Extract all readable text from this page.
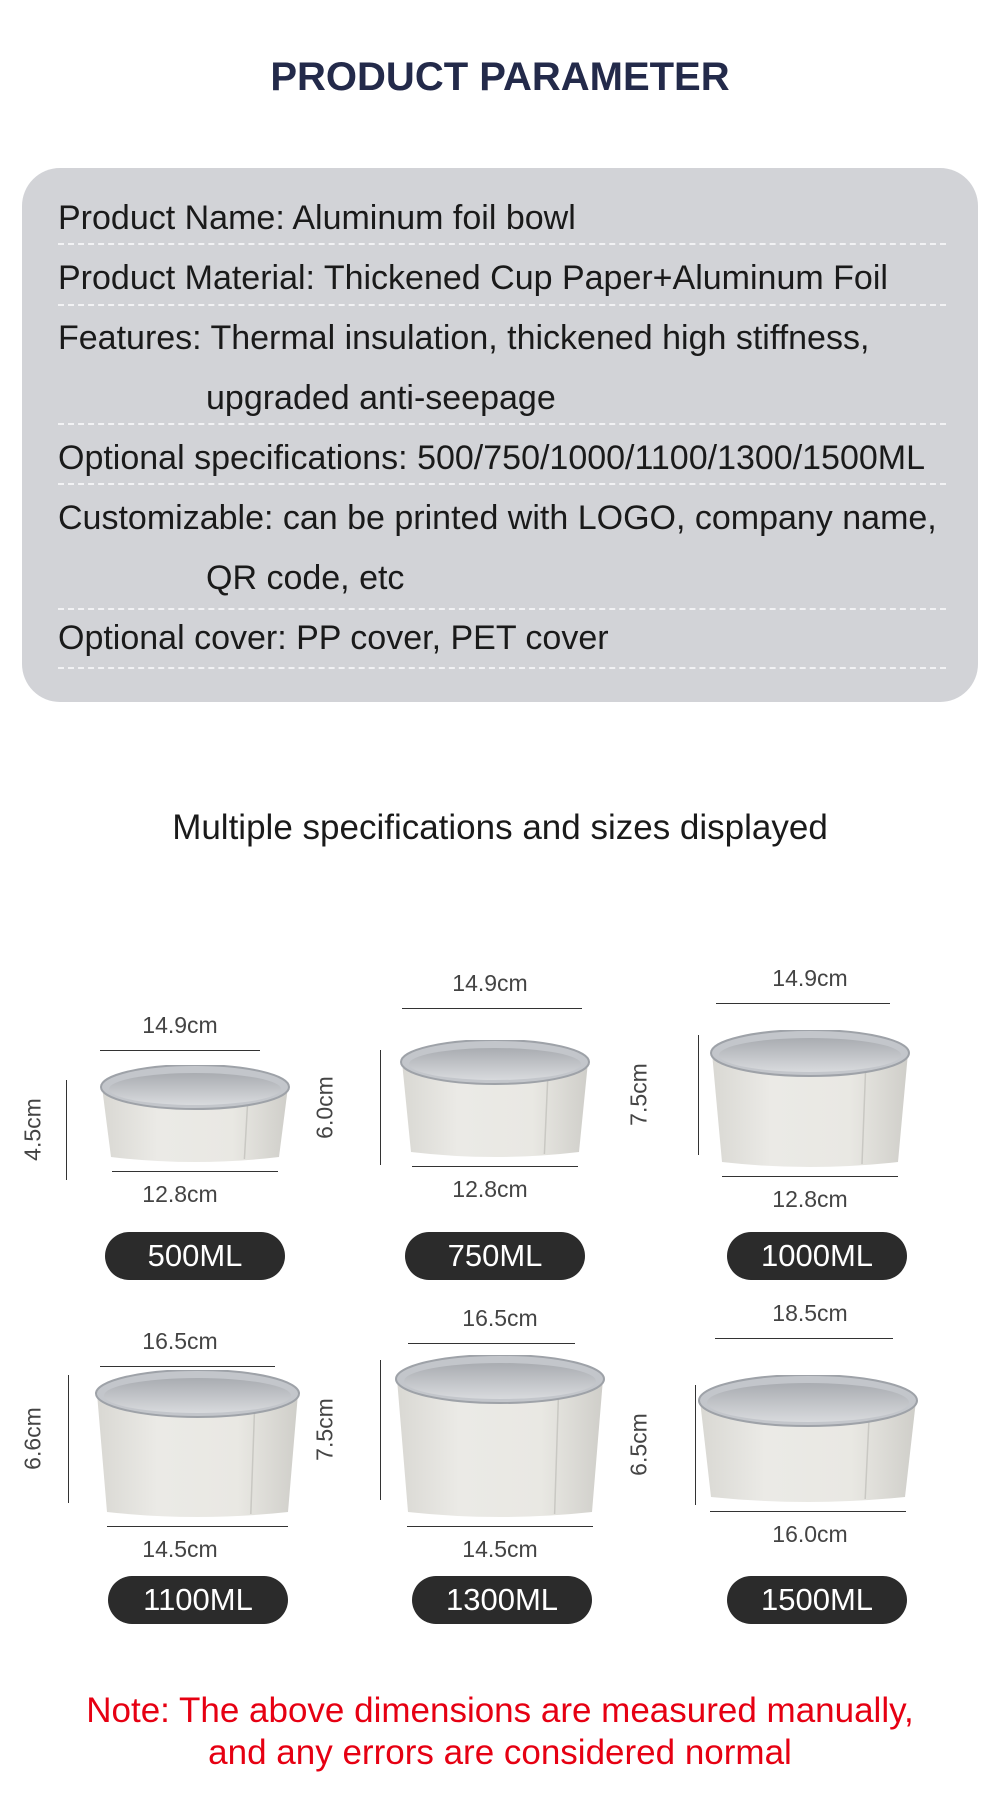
PRODUCT PARAMETER
Product Name: Aluminum foil bowl
Product Material: Thickened Cup Paper+Aluminum Foil
Features: Thermal insulation, thickened high stiffness,
upgraded anti-seepage
Optional specifications: 500/750/1000/1100/1300/1500ML
Customizable: can be printed with LOGO, company name,
QR code, etc
Optional cover: PP cover, PET cover
Multiple specifications and sizes displayed
14.9cm
4.5cm
12.8cm
500ML
14.9cm
6.0cm
12.8cm
750ML
14.9cm
7.5cm
12.8cm
1000ML
16.5cm
6.6cm
14.5cm
1100ML
16.5cm
7.5cm
14.5cm
1300ML
18.5cm
6.5cm
16.0cm
1500ML
Note: The above dimensions are measured manually,
and any errors are considered normal
